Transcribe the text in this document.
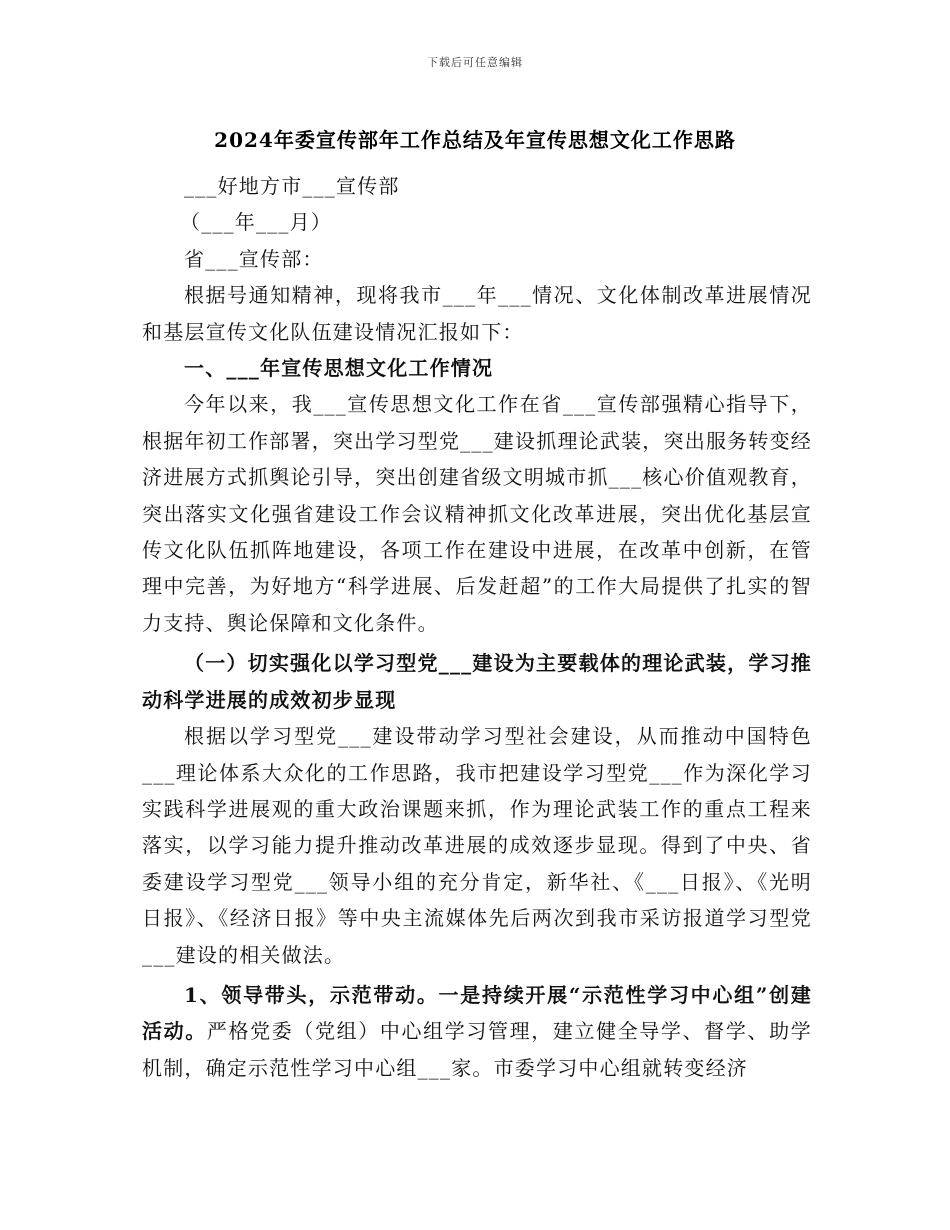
下载后可任意编辑
2024年委宣传部年工作总结及年宣传思想文化工作思路

___好地方市___宣传部

（___年___月）

省___宣传部：

根据号通知精神，现将我市___年___情况、文化体制改革进展情况和基层宣传文化队伍建设情况汇报如下：

一、___年宣传思想文化工作情况

今年以来，我___宣传思想文化工作在省___宣传部强精心指导下，根据年初工作部署，突出学习型党___建设抓理论武装，突出服务转变经济进展方式抓舆论引导，突出创建省级文明城市抓___核心价值观教育，突出落实文化强省建设工作会议精神抓文化改革进展，突出优化基层宣传文化队伍抓阵地建设，各项工作在建设中进展，在改革中创新，在管理中完善，为好地方“科学进展、后发赶超”的工作大局提供了扎实的智力支持、舆论保障和文化条件。

（一）切实强化以学习型党___建设为主要载体的理论武装，学习推动科学进展的成效初步显现

根据以学习型党___建设带动学习型社会建设，从而推动中国特色___理论体系大众化的工作思路，我市把建设学习型党___作为深化学习实践科学进展观的重大政治课题来抓，作为理论武装工作的重点工程来落实，以学习能力提升推动改革进展的成效逐步显现。得到了中央、省委建设学习型党___领导小组的充分肯定，新华社、《___日报》、《光明日报》、《经济日报》等中央主流媒体先后两次到我市采访报道学习型党___建设的相关做法。

1、领导带头，示范带动。一是持续开展“示范性学习中心组”创建活动。严格党委（党组）中心组学习管理，建立健全导学、督学、助学机制，确定示范性学习中心组___家。市委学习中心组就转变经济
